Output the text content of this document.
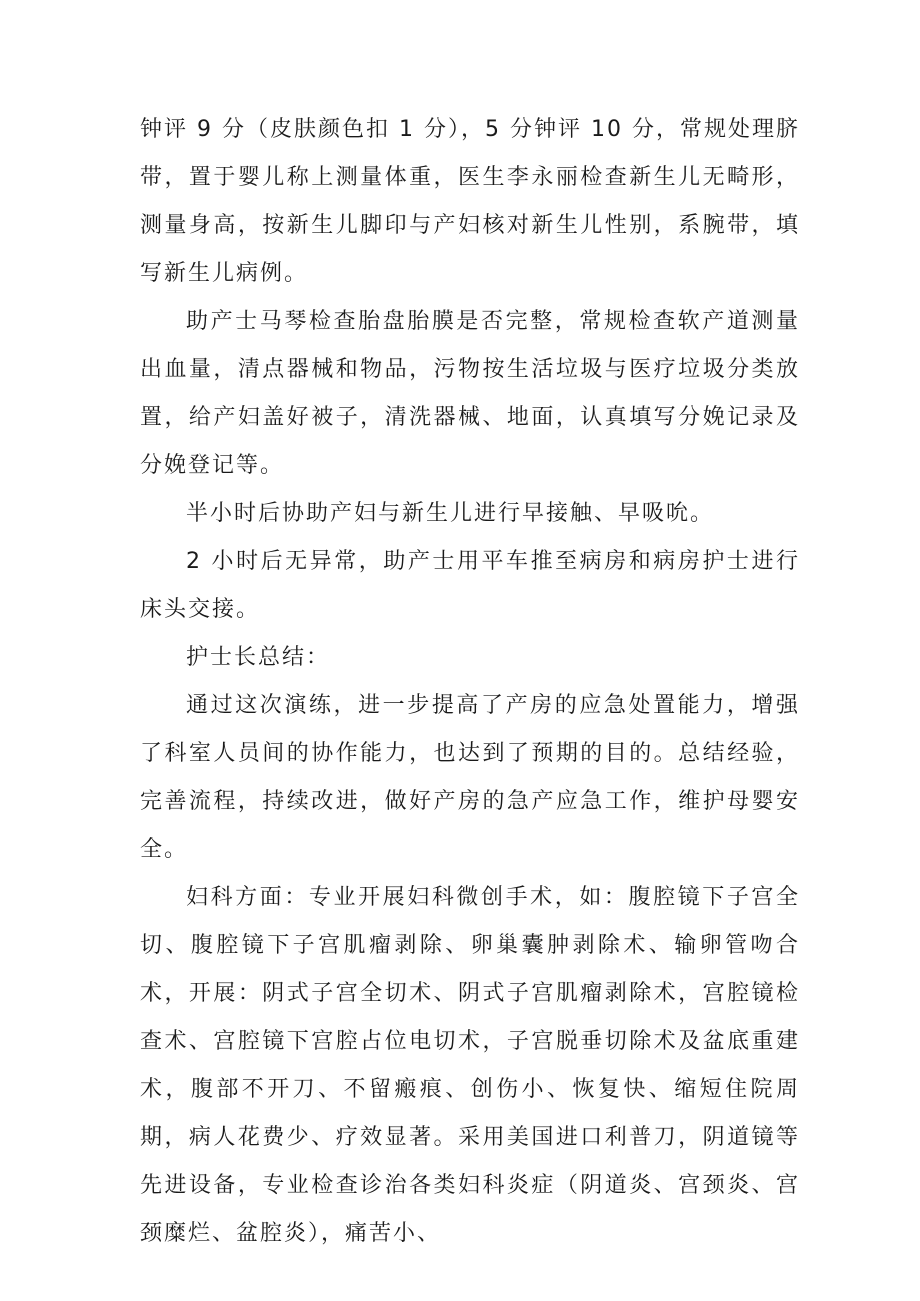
钟评 9 分（皮肤颜色扣 1 分），5 分钟评 10 分，常规处理脐带，置于婴儿称上测量体重，医生李永丽检查新生儿无畸形，测量身高，按新生儿脚印与产妇核对新生儿性别，系腕带，填写新生儿病例。

助产士马琴检查胎盘胎膜是否完整，常规检查软产道测量出血量，清点器械和物品，污物按生活垃圾与医疗垃圾分类放置，给产妇盖好被子，清洗器械、地面，认真填写分娩记录及分娩登记等。

半小时后协助产妇与新生儿进行早接触、早吸吮。

2 小时后无异常，助产士用平车推至病房和病房护士进行床头交接。

护士长总结：

通过这次演练，进一步提高了产房的应急处置能力，增强了科室人员间的协作能力，也达到了预期的目的。总结经验，完善流程，持续改进，做好产房的急产应急工作，维护母婴安全。

妇科方面：专业开展妇科微创手术，如：腹腔镜下子宫全切、腹腔镜下子宫肌瘤剥除、卵巢囊肿剥除术、输卵管吻合术，开展：阴式子宫全切术、阴式子宫肌瘤剥除术，宫腔镜检查术、宫腔镜下宫腔占位电切术，子宫脱垂切除术及盆底重建术，腹部不开刀、不留瘢痕、创伤小、恢复快、缩短住院周期，病人花费少、疗效显著。采用美国进口利普刀，阴道镜等先进设备，专业检查诊治各类妇科炎症（阴道炎、宫颈炎、宫颈糜烂、盆腔炎），痛苦小、
